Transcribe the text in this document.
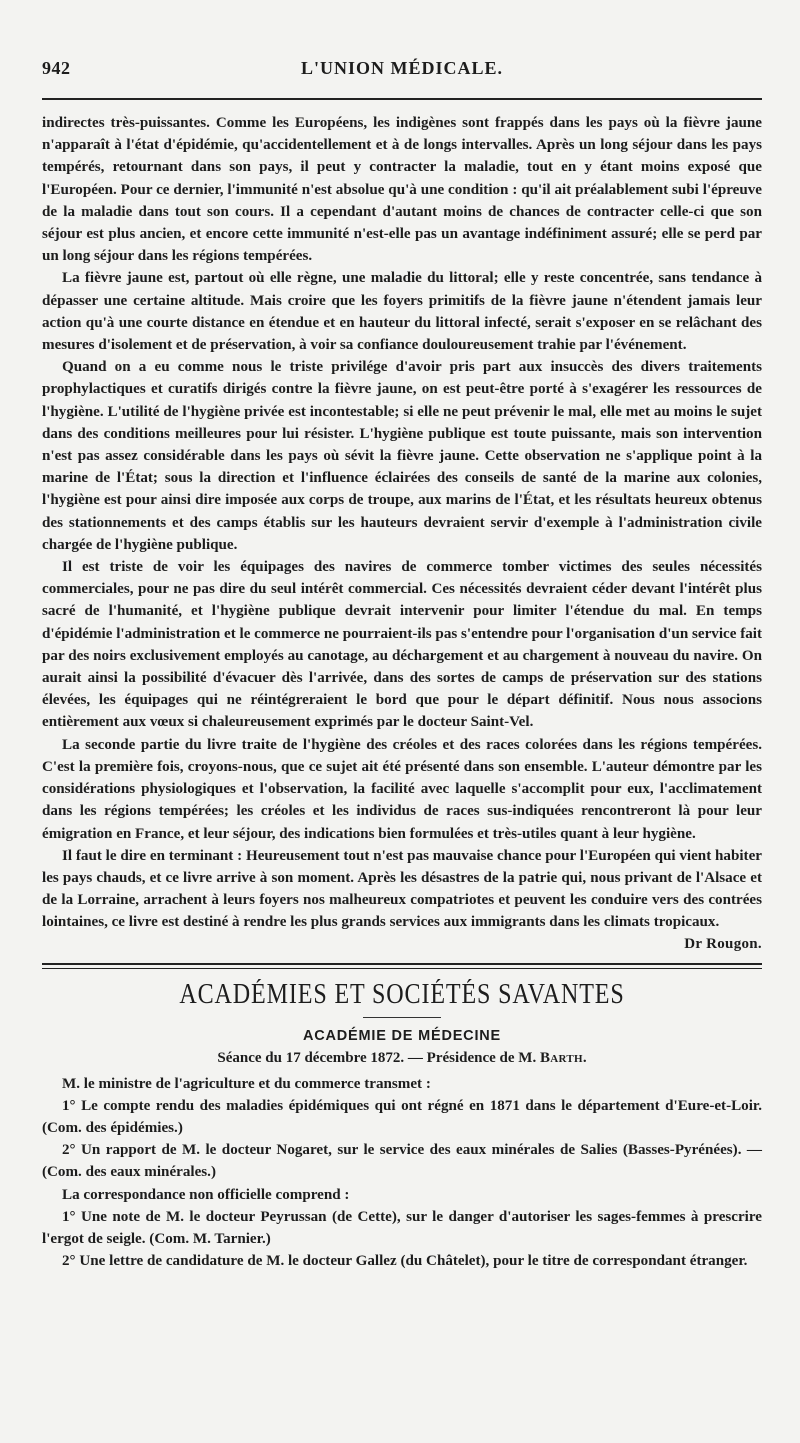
942	L'UNION MÉDICALE.

indirectes très-puissantes. Comme les Européens, les indigènes sont frappés dans les pays où la fièvre jaune n'apparaît à l'état d'épidémie, qu'accidentellement et à de longs intervalles. Après un long séjour dans les pays tempérés, retournant dans son pays, il peut y contracter la maladie, tout en y étant moins exposé que l'Européen. Pour ce dernier, l'immunité n'est absolue qu'à une condition : qu'il ait préalablement subi l'épreuve de la maladie dans tout son cours. Il a cependant d'autant moins de chances de contracter celle-ci que son séjour est plus ancien, et encore cette immunité n'est-elle pas un avantage indéfiniment assuré; elle se perd par un long séjour dans les régions tempérées.

La fièvre jaune est, partout où elle règne, une maladie du littoral; elle y reste concentrée, sans tendance à dépasser une certaine altitude. Mais croire que les foyers primitifs de la fièvre jaune n'étendent jamais leur action qu'à une courte distance en étendue et en hauteur du littoral infecté, serait s'exposer en se relâchant des mesures d'isolement et de préservation, à voir sa confiance douloureusement trahie par l'événement.

Quand on a eu comme nous le triste privilége d'avoir pris part aux insuccès des divers traitements prophylactiques et curatifs dirigés contre la fièvre jaune, on est peut-être porté à s'exagérer les ressources de l'hygiène. L'utilité de l'hygiène privée est incontestable; si elle ne peut prévenir le mal, elle met au moins le sujet dans des conditions meilleures pour lui résister. L'hygiène publique est toute puissante, mais son intervention n'est pas assez considérable dans les pays où sévit la fièvre jaune. Cette observation ne s'applique point à la marine de l'État; sous la direction et l'influence éclairées des conseils de santé de la marine aux colonies, l'hygiène est pour ainsi dire imposée aux corps de troupe, aux marins de l'État, et les résultats heureux obtenus des stationnements et des camps établis sur les hauteurs devraient servir d'exemple à l'administration civile chargée de l'hygiène publique.

Il est triste de voir les équipages des navires de commerce tomber victimes des seules nécessités commerciales, pour ne pas dire du seul intérêt commercial. Ces nécessités devraient céder devant l'intérêt plus sacré de l'humanité, et l'hygiène publique devrait intervenir pour limiter l'étendue du mal. En temps d'épidémie l'administration et le commerce ne pourraient-ils pas s'entendre pour l'organisation d'un service fait par des noirs exclusivement employés au canotage, au déchargement et au chargement à nouveau du navire. On aurait ainsi la possibilité d'évacuer dès l'arrivée, dans des sortes de camps de préservation sur des stations élevées, les équipages qui ne réintégreraient le bord que pour le départ définitif. Nous nous associons entièrement aux vœux si chaleureusement exprimés par le docteur Saint-Vel.

La seconde partie du livre traite de l'hygiène des créoles et des races colorées dans les régions tempérées. C'est la première fois, croyons-nous, que ce sujet ait été présenté dans son ensemble. L'auteur démontre par les considérations physiologiques et l'observation, la facilité avec laquelle s'accomplit pour eux, l'acclimatement dans les régions tempérées; les créoles et les individus de races sus-indiquées rencontreront là pour leur émigration en France, et leur séjour, des indications bien formulées et très-utiles quant à leur hygiène.

Il faut le dire en terminant : Heureusement tout n'est pas mauvaise chance pour l'Européen qui vient habiter les pays chauds, et ce livre arrive à son moment. Après les désastres de la patrie qui, nous privant de l'Alsace et de la Lorraine, arrachent à leurs foyers nos malheureux compatriotes et peuvent les conduire vers des contrées lointaines, ce livre est destiné à rendre les plus grands services aux immigrants dans les climats tropicaux.

Dr Rougon.
ACADÉMIES ET SOCIÉTÉS SAVANTES
ACADÉMIE DE MÉDECINE
Séance du 17 décembre 1872. — Présidence de M. Barth.

M. le ministre de l'agriculture et du commerce transmet :

1° Le compte rendu des maladies épidémiques qui ont régné en 1871 dans le département d'Eure-et-Loir. (Com. des épidémies.)

2° Un rapport de M. le docteur Nogaret, sur le service des eaux minérales de Salies (Basses-Pyrénées). — (Com. des eaux minérales.)

La correspondance non officielle comprend :

1° Une note de M. le docteur Peyrussan (de Cette), sur le danger d'autoriser les sages-femmes à prescrire l'ergot de seigle. (Com. M. Tarnier.)

2° Une lettre de candidature de M. le docteur Gallez (du Châtelet), pour le titre de correspondant étranger.
